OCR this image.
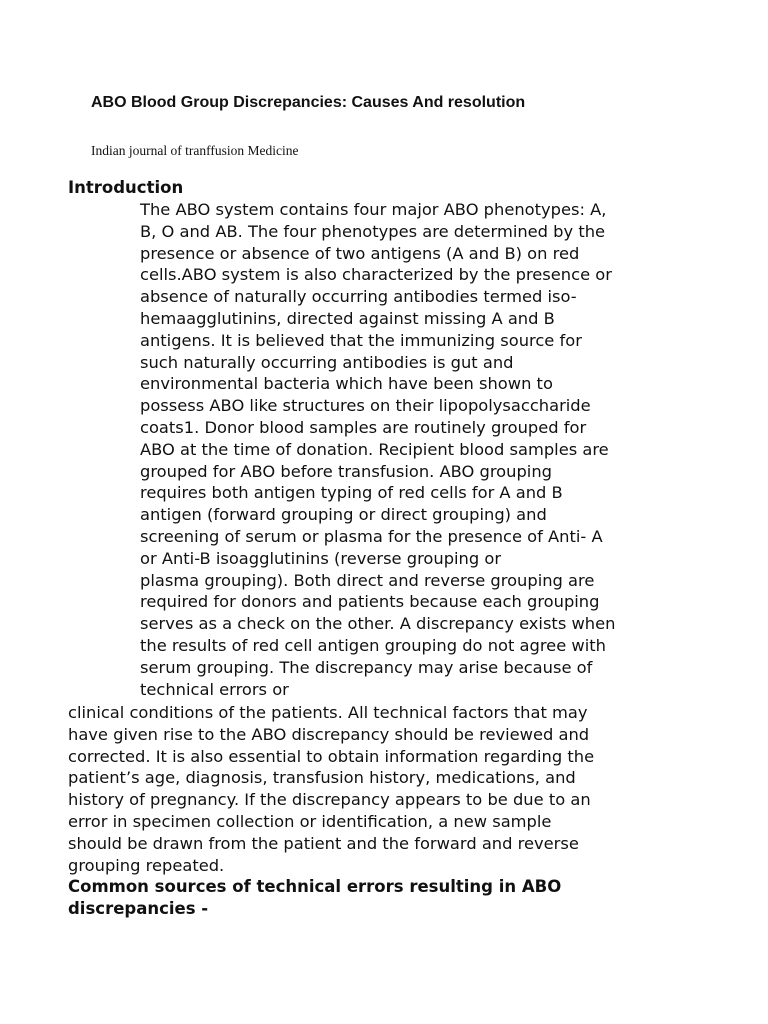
ABO Blood Group Discrepancies: Causes And resolution

Indian journal of tranffusion Medicine

Introduction

The ABO system contains four major ABO phenotypes: A,
B, O and AB. The four phenotypes are determined by the
presence or absence of two antigens (A and B) on red
cells.ABO system is also characterized by the presence or
absence of naturally occurring antibodies termed iso-
hemaagglutinins, directed against missing A and B
antigens. It is believed that the immunizing source for
such naturally occurring antibodies is gut and
environmental bacteria which have been shown to
possess ABO like structures on their lipopolysaccharide
coats1. Donor blood samples are routinely grouped for
ABO at the time of donation. Recipient blood samples are
grouped for ABO before transfusion. ABO grouping
requires both antigen typing of red cells for A and B
antigen (forward grouping or direct grouping) and
screening of serum or plasma for the presence of Anti- A
or Anti-B isoagglutinins (reverse grouping or
plasma grouping). Both direct and reverse grouping are
required for donors and patients because each grouping
serves as a check on the other. A discrepancy exists when
the results of red cell antigen grouping do not agree with
serum grouping. The discrepancy may arise because of
technical errors or

clinical conditions of the patients. All technical factors that may
have given rise to the ABO discrepancy should be reviewed and
corrected. It is also essential to obtain information regarding the
patient’s age, diagnosis, transfusion history, medications, and
history of pregnancy. If the discrepancy appears to be due to an
error in specimen collection or identification, a new sample
should be drawn from the patient and the forward and reverse
grouping repeated.

Common sources of technical errors resulting in ABO
discrepancies -
